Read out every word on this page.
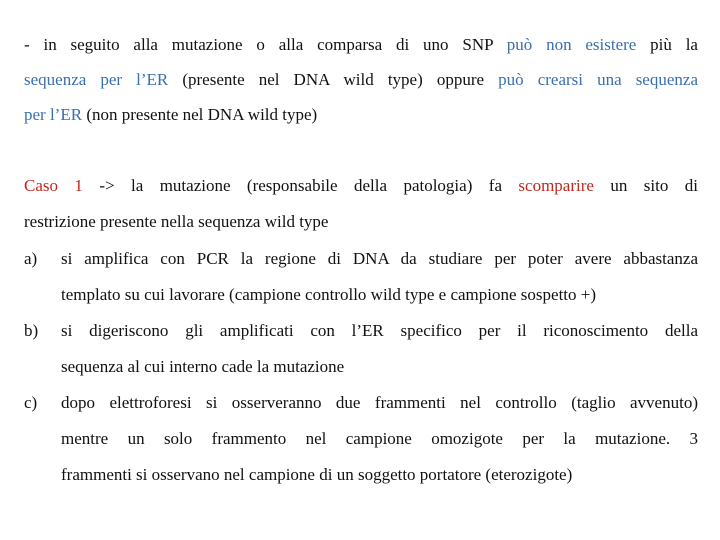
- in seguito alla mutazione o alla comparsa di uno SNP può non esistere più la
sequenza per l’ER (presente nel DNA wild type) oppure può crearsi una sequenza
per l’ER (non presente nel DNA wild type)
Caso 1 -> la mutazione (responsabile della patologia) fa scomparire un sito di
restrizione presente nella sequenza wild type
a) si amplifica con PCR la regione di DNA da studiare per poter avere abbastanza
templato su cui lavorare (campione controllo wild type e campione sospetto +)
b) si digeriscono gli amplificati con l’ER specifico per il riconoscimento della
sequenza al cui interno cade la mutazione
c) dopo elettroforesi si osserveranno due frammenti nel controllo (taglio avvenuto)
mentre un solo frammento nel campione omozigote per la mutazione. 3
frammenti si osservano nel campione di un soggetto portatore (eterozigote)
